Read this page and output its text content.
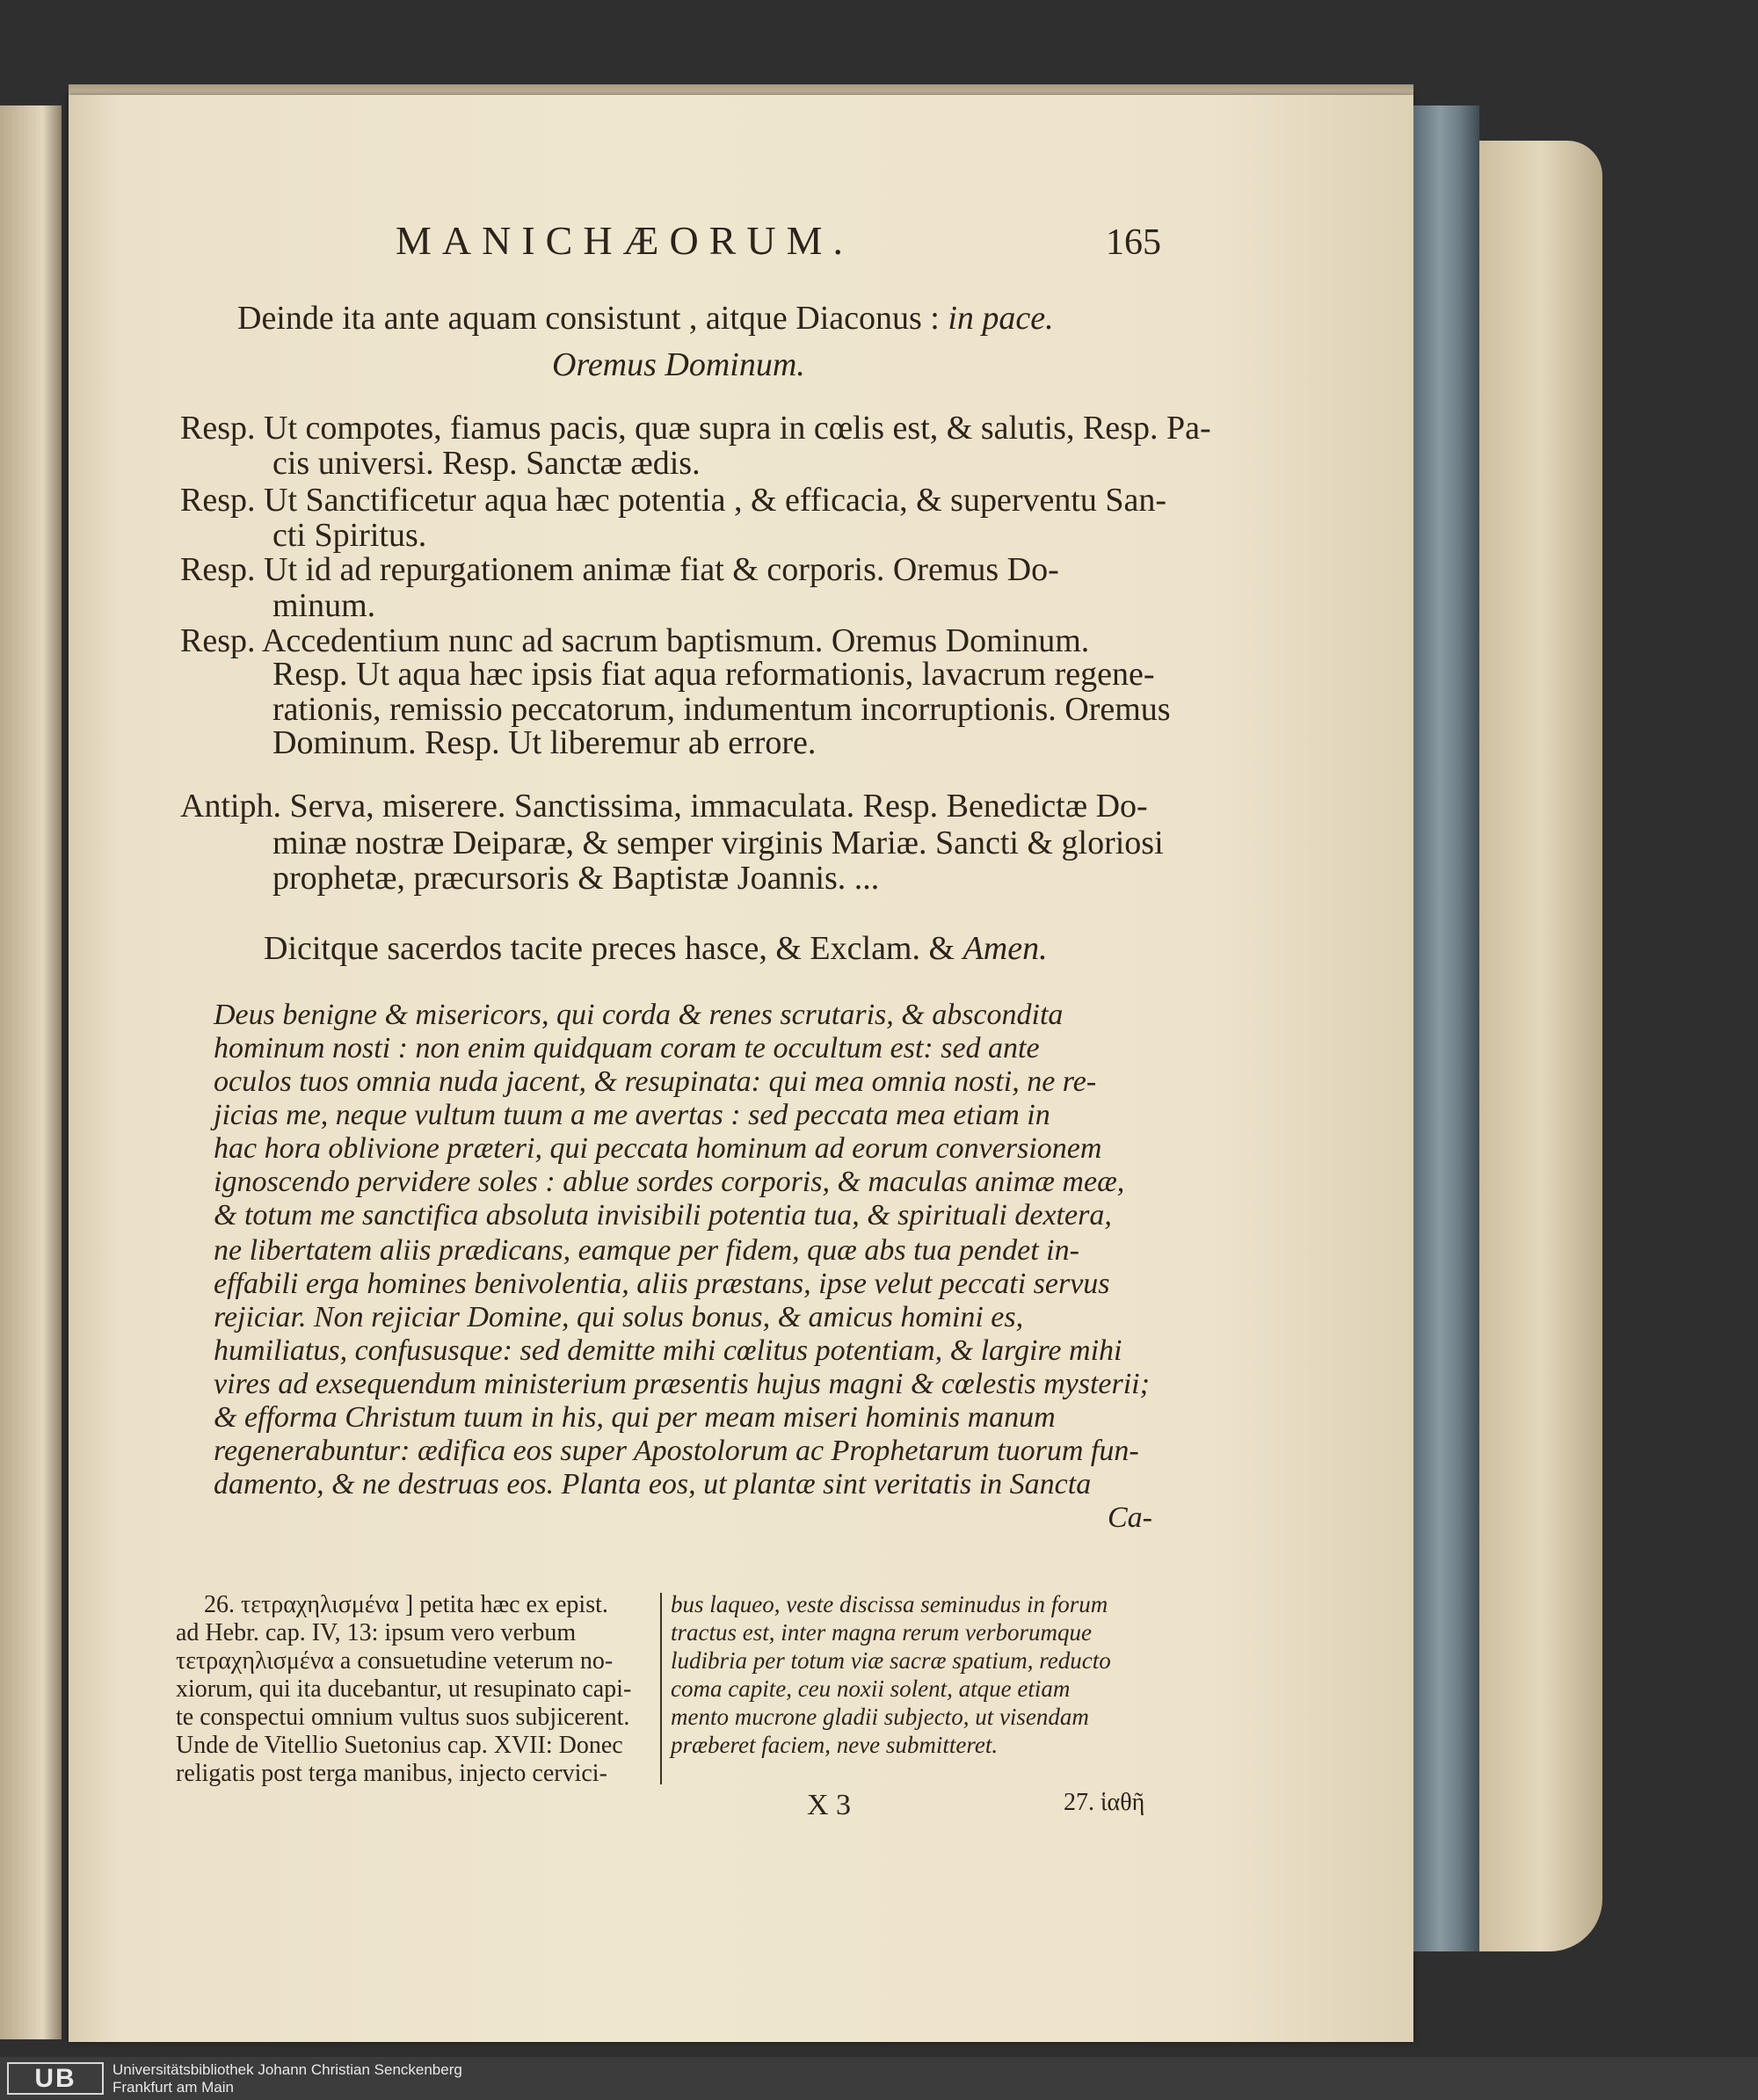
MANICHÆORUM.	165
Deinde ita ante aquam consistunt , aitque Diaconus : in pace.
Oremus Dominum.
Resp. Ut compotes, fiamus pacis, quæ supra in cœlis est, & salutis, Resp. Pa-
cis universi. Resp. Sanctæ ædis.
Resp. Ut Sanctificetur aqua hæc potentia , & efficacia, & superventu San-
cti Spiritus.
Resp. Ut id ad repurgationem animæ fiat & corporis. Oremus Do-
minum.
Resp. Accedentium nunc ad sacrum baptismum. Oremus Dominum.
Resp. Ut aqua hæc ipsis fiat aqua reformationis, lavacrum regene-
rationis, remissio peccatorum, indumentum incorruptionis. Oremus
Dominum. Resp. Ut liberemur ab errore.
Antiph. Serva, miserere. Sanctissima, immaculata. Resp. Benedictæ Do-
minæ nostræ Deiparæ, & semper virginis Mariæ. Sancti & gloriosi
prophetæ, præcursoris & Baptistæ Joannis. ...
Dicitque sacerdos tacite preces hasce, & Exclam. & Amen.
Deus benigne & misericors, qui corda & renes scrutaris, & abscondita
hominum nosti : non enim quidquam coram te occultum est: sed ante
oculos tuos omnia nuda jacent, & resupinata: qui mea omnia nosti, ne re-
jicias me, neque vultum tuum a me avertas : sed peccata mea etiam in
hac hora oblivione præteri, qui peccata hominum ad eorum conversionem
ignoscendo pervidere soles : ablue sordes corporis, & maculas animæ meæ,
& totum me sanctifica absoluta invisibili potentia tua, & spirituali dextera,
ne libertatem aliis prædicans, eamque per fidem, quæ abs tua pendet in-
effabili erga homines benivolentia, aliis præstans, ipse velut peccati servus
rejiciar. Non rejiciar Domine, qui solus bonus, & amicus homini es,
humiliatus, confususque: sed demitte mihi cœlitus potentiam, & largire mihi
vires ad exsequendum ministerium præsentis hujus magni & cœlestis mysterii;
& efforma Christum tuum in his, qui per meam miseri hominis manum
regenerabuntur: ædifica eos super Apostolorum ac Prophetarum tuorum fun-
damento, & ne destruas eos. Planta eos, ut plantæ sint veritatis in Sancta
Ca-
26. τετραχηλισμένα ] petita hæc ex epist.
ad Hebr. cap. IV, 13: ipsum vero verbum
τετραχηλισμένα a consuetudine veterum no-
xiorum, qui ita ducebantur, ut resupinato capi-
te conspectui omnium vultus suos subjicerent.
Unde de Vitellio Suetonius cap. XVII: Donec
religatis post terga manibus, injecto cervici-
bus laqueo, veste discissa seminudus in forum
tractus est, inter magna rerum verborumque
ludibria per totum viæ sacræ spatium, reducto
coma capite, ceu noxii solent, atque etiam
mento mucrone gladii subjecto, ut visendam
præberet faciem, neve submitteret.
X 3	27. ἱαθῆ
UB	Universitätsbibliothek Johann Christian Senckenberg
Frankfurt am Main
